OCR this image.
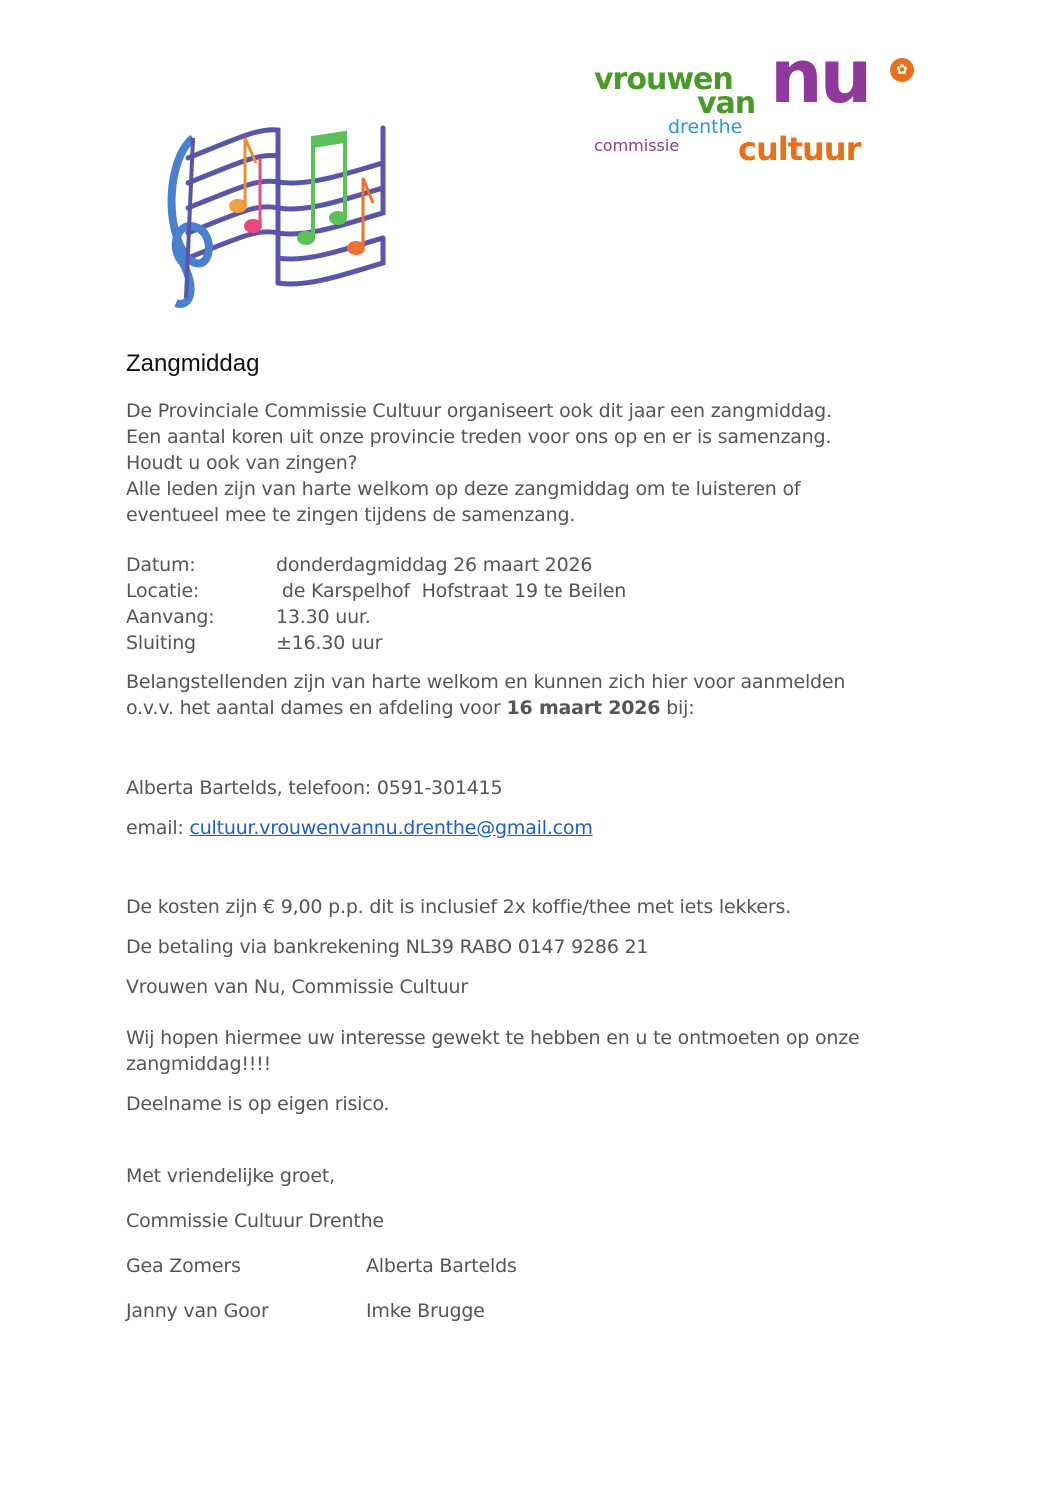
vrouwen
van nu	✿
drenthe
commissie cultuur
Zangmiddag
De Provinciale Commissie Cultuur organiseert ook dit jaar een zangmiddag.
Een aantal koren uit onze provincie treden voor ons op en er is samenzang.
Houdt u ook van zingen?
Alle leden zijn van harte welkom op deze zangmiddag om te luisteren of
eventueel mee te zingen tijdens de samenzang.
Datum:	donderdagmiddag 26 maart 2026
Locatie:	de Karspelhof  Hofstraat 19 te Beilen
Aanvang:	13.30 uur.
Sluiting	±16.30 uur
Belangstellenden zijn van harte welkom en kunnen zich hier voor aanmelden
o.v.v. het aantal dames en afdeling voor 16 maart 2026 bij:
Alberta Bartelds, telefoon: 0591-301415
email: cultuur.vrouwenvannu.drenthe@gmail.com
De kosten zijn € 9,00 p.p. dit is inclusief 2x koffie/thee met iets lekkers.
De betaling via bankrekening NL39 RABO 0147 9286 21
Vrouwen van Nu, Commissie Cultuur
Wij hopen hiermee uw interesse gewekt te hebben en u te ontmoeten op onze
zangmiddag!!!!
Deelname is op eigen risico.
Met vriendelijke groet,
Commissie Cultuur Drenthe
Gea Zomers	Alberta Bartelds
Janny van Goor	Imke Brugge
